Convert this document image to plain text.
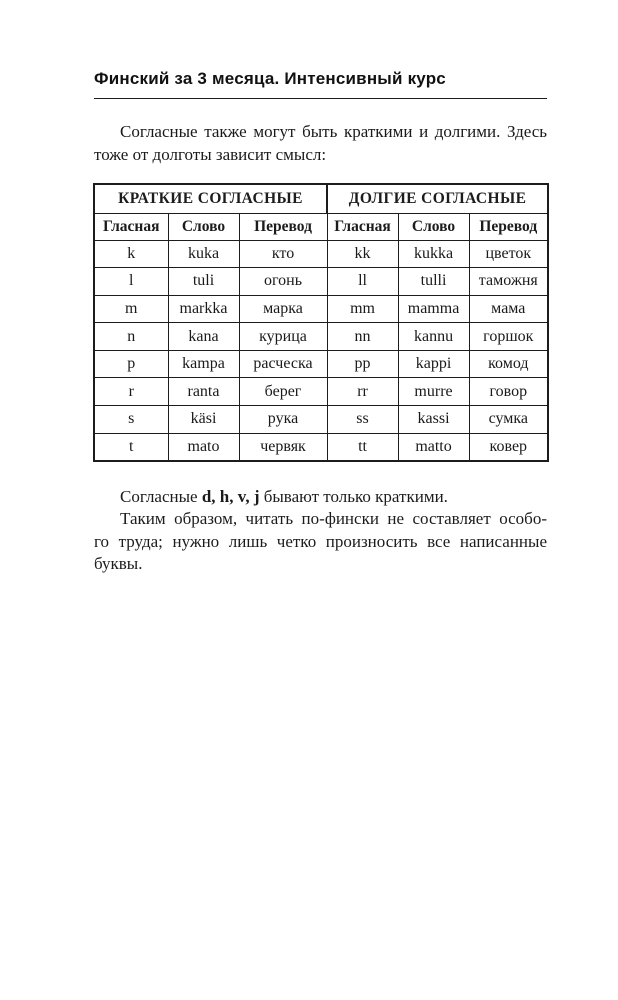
Финский за 3 месяца. Интенсивный курс
Согласные также могут быть краткими и долгими. Здесь
тоже от долготы зависит смысл:
КРАТКИЕ СОГЛАСНЫЕ			ДОЛГИЕ СОГЛАСНЫЕ		
Гласная	Слово	Перевод	Гласная	Слово	Перевод
k	kuka	кто	kk	kukka	цветок
l	tuli	огонь	ll	tulli	таможня
m	markka	марка	mm	mamma	мама
n	kana	курица	nn	kannu	горшок
p	kampa	расческа	pp	kappi	комод
r	ranta	берег	rr	murre	говор
s	käsi	рука	ss	kassi	сумка
t	mato	червяк	tt	matto	ковер
Согласные d, h, v, j бывают только краткими.
Таким образом, читать по-фински не составляет особо-
го труда; нужно лишь четко произносить все написанные
буквы.
